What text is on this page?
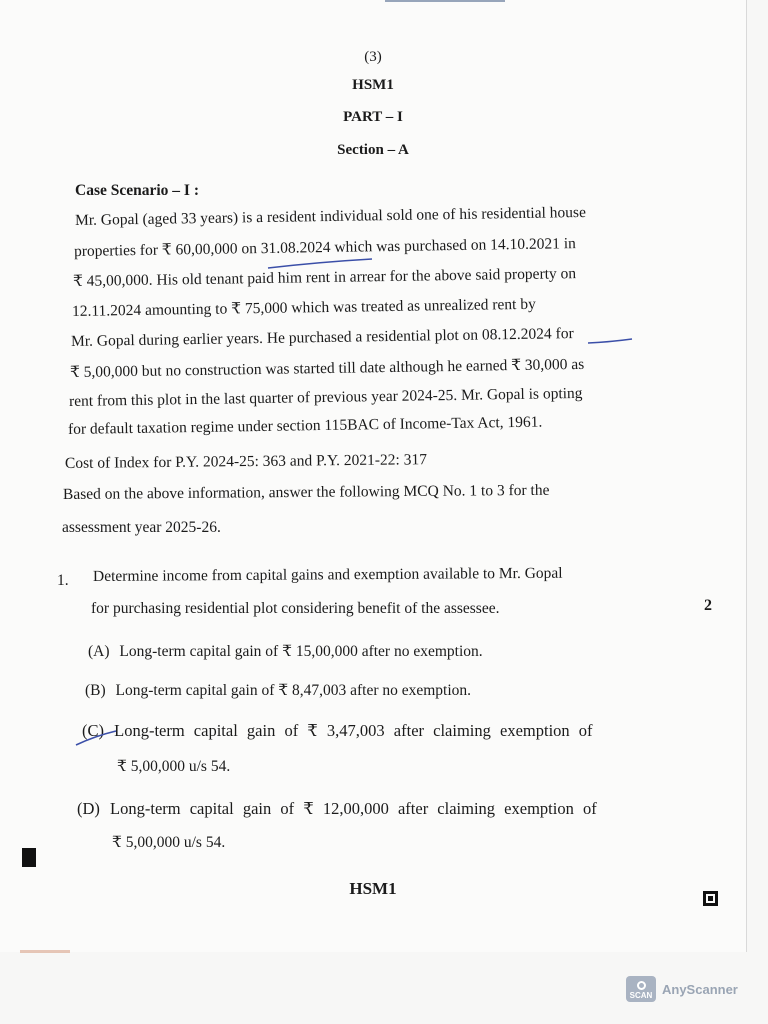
(3)
HSM1
PART – I
Section – A
Case Scenario – I :
Mr. Gopal (aged 33 years) is a resident individual sold one of his residential house
properties for ₹ 60,00,000 on 31.08.2024 which was purchased on 14.10.2021 in
₹ 45,00,000. His old tenant paid him rent in arrear for the above said property on
12.11.2024 amounting to ₹ 75,000 which was treated as unrealized rent by
Mr. Gopal during earlier years. He purchased a residential plot on 08.12.2024 for
₹ 5,00,000 but no construction was started till date although he earned ₹ 30,000 as
rent from this plot in the last quarter of previous year 2024-25. Mr. Gopal is opting
for default taxation regime under section 115BAC of Income-Tax Act, 1961.
Cost of Index for P.Y. 2024-25: 363 and P.Y. 2021-22: 317
Based on the above information, answer the following MCQ No. 1 to 3 for the
assessment year 2025-26.
1. Determine income from capital gains and exemption available to Mr. Gopal
for purchasing residential plot considering benefit of the assessee.	2
(A) Long-term capital gain of ₹ 15,00,000 after no exemption.
(B) Long-term capital gain of ₹ 8,47,003 after no exemption.
(C) Long-term capital gain of ₹ 3,47,003 after claiming exemption of
₹ 5,00,000 u/s 54.
(D) Long-term capital gain of ₹ 12,00,000 after claiming exemption of
₹ 5,00,000 u/s 54.
HSM1
SCAN AnyScanner
